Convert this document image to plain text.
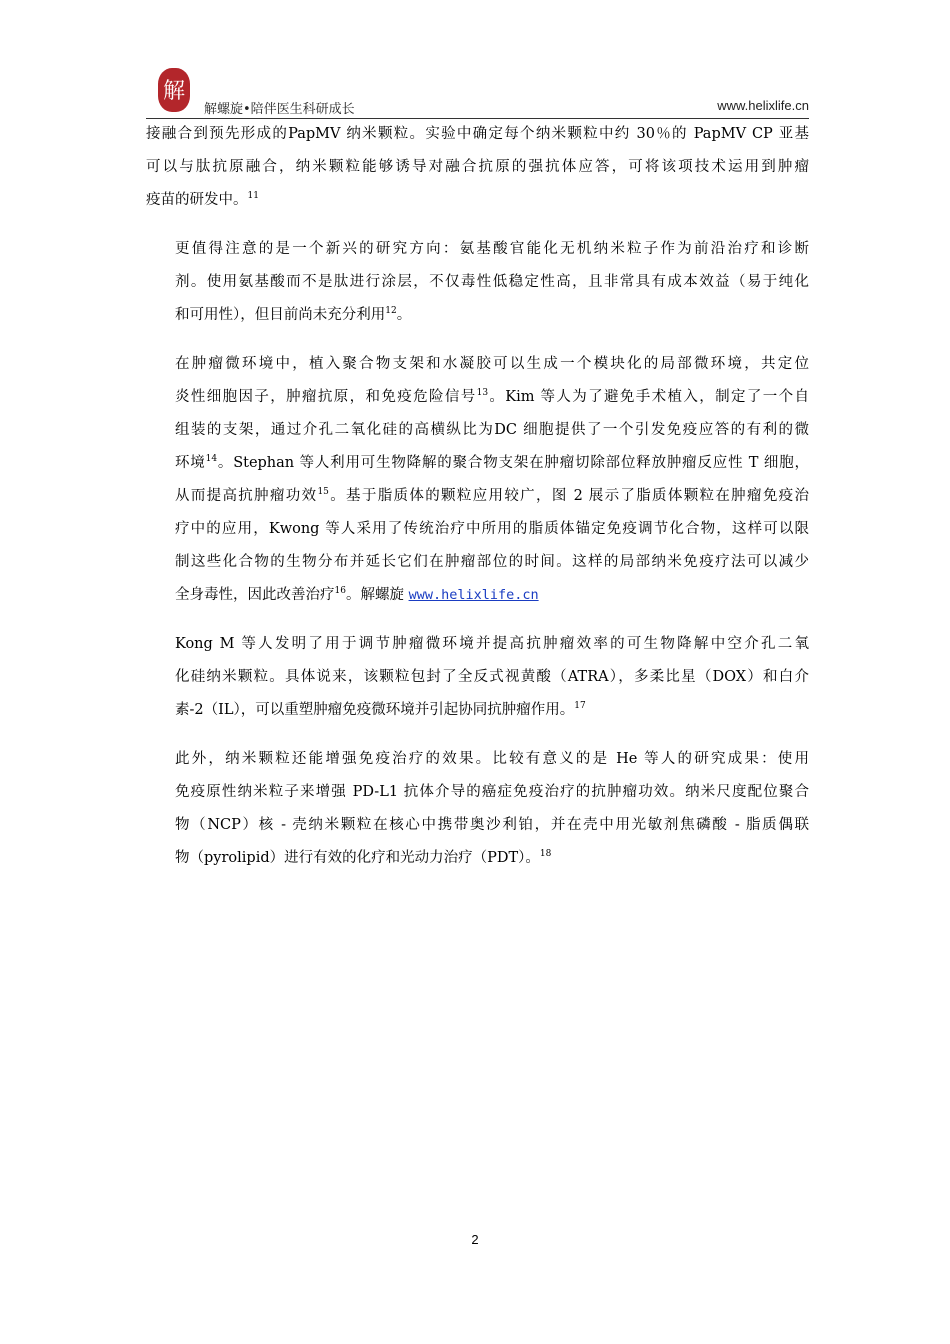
解
解螺旋•陪伴医生科研成长	www.helixlife.cn

接融合到预先形成的PapMV 纳米颗粒。实验中确定每个纳米颗粒中约 30％的 PapMV CP 亚基
可以与肽抗原融合，纳米颗粒能够诱导对融合抗原的强抗体应答，可将该项技术运用到肿瘤
疫苗的研发中。$^{11}$

更值得注意的是一个新兴的研究方向：氨基酸官能化无机纳米粒子作为前沿治疗和诊断
剂。使用氨基酸而不是肽进行涂层，不仅毒性低稳定性高，且非常具有成本效益（易于纯化
和可用性），但目前尚未充分利用$^{12}$。

在肿瘤微环境中，植入聚合物支架和水凝胶可以生成一个模块化的局部微环境，共定位
炎性细胞因子，肿瘤抗原，和免疫危险信号$^{13}$。Kim 等人为了避免手术植入，制定了一个自
组装的支架，通过介孔二氧化硅的高横纵比为DC 细胞提供了一个引发免疫应答的有利的微
环境$^{14}$。Stephan 等人利用可生物降解的聚合物支架在肿瘤切除部位释放肿瘤反应性 T 细胞，
从而提高抗肿瘤功效$^{15}$。基于脂质体的颗粒应用较广，图 2 展示了脂质体颗粒在肿瘤免疫治
疗中的应用，Kwong 等人采用了传统治疗中所用的脂质体锚定免疫调节化合物，这样可以限
制这些化合物的生物分布并延长它们在肿瘤部位的时间。这样的局部纳米免疫疗法可以减少
全身毒性，因此改善治疗$^{16}$。解螺旋 www.helixlife.cn

Kong M 等人发明了用于调节肿瘤微环境并提高抗肿瘤效率的可生物降解中空介孔二氧
化硅纳米颗粒。具体说来，该颗粒包封了全反式视黄酸（ATRA），多柔比星（DOX）和白介
素-2（IL），可以重塑肿瘤免疫微环境并引起协同抗肿瘤作用。$^{17}$

此外，纳米颗粒还能增强免疫治疗的效果。比较有意义的是 He 等人的研究成果：使用
免疫原性纳米粒子来增强 PD-L1 抗体介导的癌症免疫治疗的抗肿瘤功效。纳米尺度配位聚合
物（NCP）核 - 壳纳米颗粒在核心中携带奥沙利铂，并在壳中用光敏剂焦磷酸 - 脂质偶联
物（pyrolipid）进行有效的化疗和光动力治疗（PDT）。$^{18}$

2
